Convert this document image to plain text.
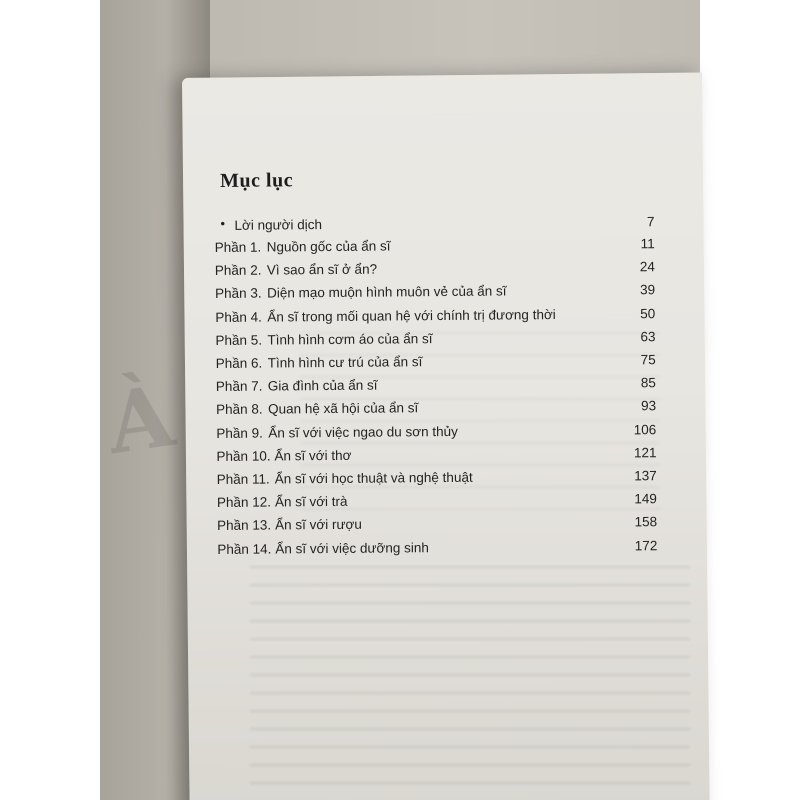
À
Mục lục
• Lời người dịch	7
Phần 1. Nguồn gốc của ẩn sĩ	11
Phần 2. Vì sao ẩn sĩ ở ẩn?	24
Phần 3. Diện mạo muộn hình muôn vẻ của ẩn sĩ	39
Phần 4. Ẩn sĩ trong mối quan hệ với chính trị đương thời	50
Phần 5. Tình hình cơm áo của ẩn sĩ	63
Phần 6. Tình hình cư trú của ẩn sĩ	75
Phần 7. Gia đình của ẩn sĩ	85
Phần 8. Quan hệ xã hội của ẩn sĩ	93
Phần 9. Ẩn sĩ với việc ngao du sơn thủy	106
Phần 10. Ẩn sĩ với thơ	121
Phần 11. Ẩn sĩ với học thuật và nghệ thuật	137
Phần 12. Ẩn sĩ với trà	149
Phần 13. Ẩn sĩ với rượu	158
Phần 14. Ẩn sĩ với việc dưỡng sinh	172
